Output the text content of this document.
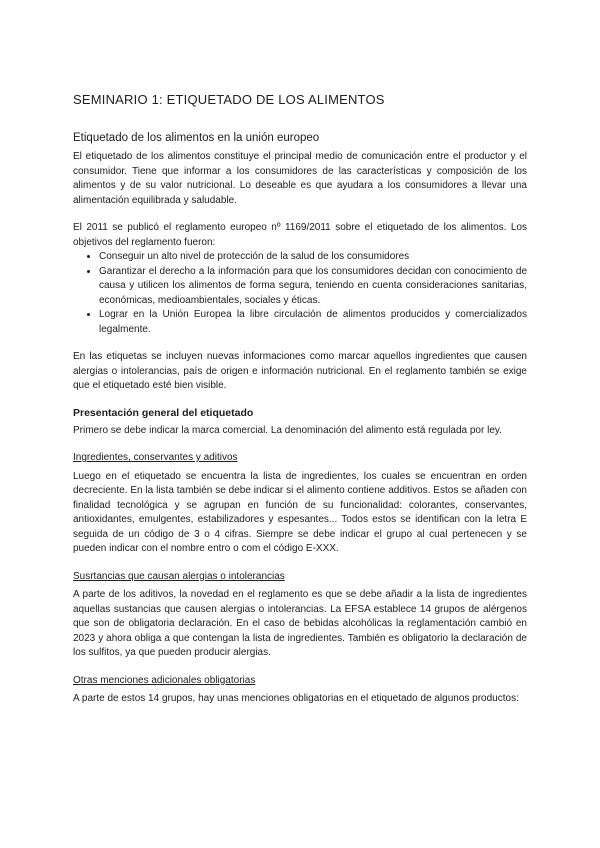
SEMINARIO 1: ETIQUETADO DE LOS ALIMENTOS
Etiquetado de los alimentos en la unión europeo

El etiquetado de los alimentos constituye el principal medio de comunicación entre el productor y el consumidor. Tiene que informar a los consumidores de las características y composición de los alimentos y de su valor nutricional. Lo deseable es que ayudara a los consumidores a llevar una alimentación equilibrada y saludable.

El 2011 se publicó el reglamento europeo nº 1169/2011 sobre el etiquetado de los alimentos. Los objetivos del reglamento fueron:

• Conseguir un alto nivel de protección de la salud de los consumidores
• Garantizar el derecho a la información para que los consumidores decidan con conocimiento de causa y utilicen los alimentos de forma segura, teniendo en cuenta consideraciones sanitarias, económicas, medioambientales, sociales y éticas.
• Lograr en la Unión Europea la libre circulación de alimentos producidos y comercializados legalmente.

En las etiquetas se incluyen nuevas informaciones como marcar aquellos ingredientes que causen alergias o intolerancias, país de origen e información nutricional. En el reglamento también se exige que el etiquetado esté bien visible.

Presentación general del etiquetado

Primero se debe indicar la marca comercial. La denominación del alimento está regulada por ley.

Ingredientes, conservantes y aditivos

Luego en el etiquetado se encuentra la lista de ingredientes, los cuales se encuentran en orden decreciente. En la lista también se debe indicar si el alimento contiene additivos. Estos se añaden con finalidad tecnológica y se agrupan en función de su funcionalidad: colorantes, conservantes, antioxidantes, emulgentes, estabilizadores y espesantes... Todos estos se identifican con la letra E seguida de un código de 3 o 4 cifras. Siempre se debe indicar el grupo al cual pertenecen y se pueden indicar con el nombre entro o com el código E-XXX.

Susrtancias que causan alergias o intolerancias

A parte de los aditivos, la novedad en el reglamento es que se debe añadir a la lista de ingredientes aquellas sustancias que causen alergias o intolerancias. La EFSA establece 14 grupos de alérgenos que son de obligatoria declaración. En el caso de bebidas alcohólicas la reglamentación cambió en 2023 y ahora obliga a que contengan la lista de ingredientes. También es obligatorio la declaración de los sulfitos, ya que pueden producir alergias.

Otras menciones adicionales obligatorias

A parte de estos 14 grupos, hay unas menciones obligatorias en el etiquetado de algunos productos:
